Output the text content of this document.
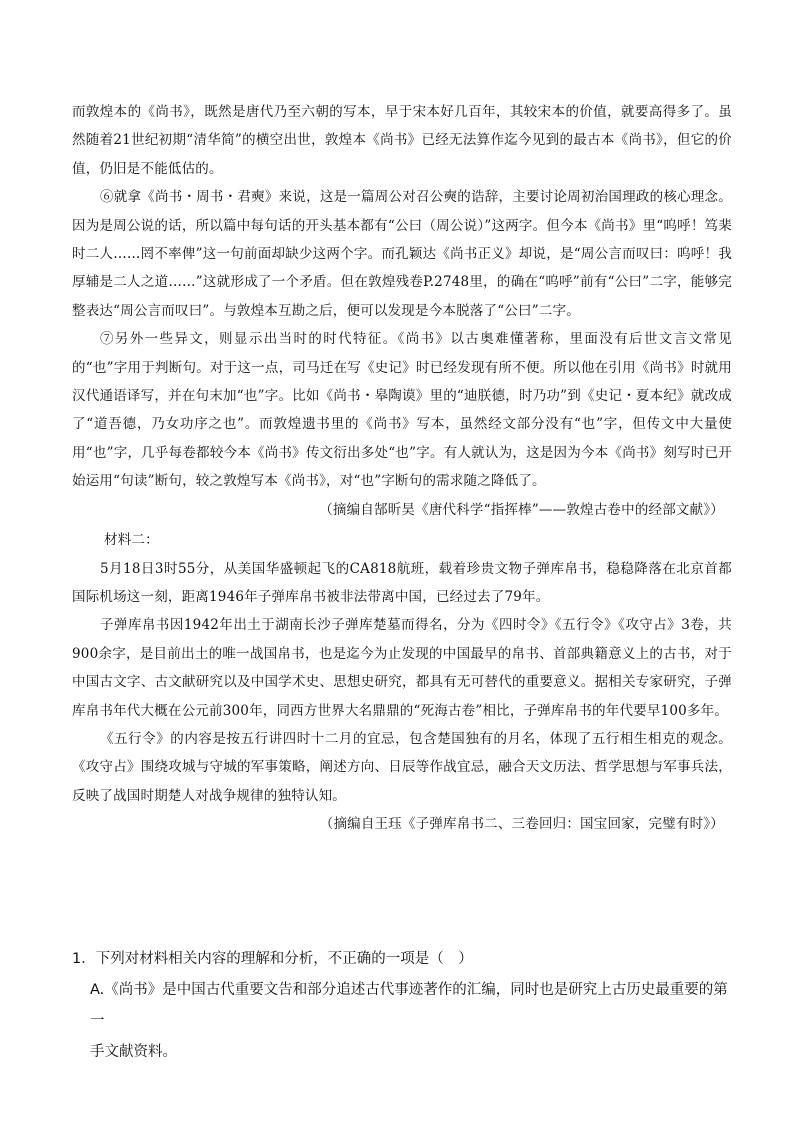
而敦煌本的《尚书》，既然是唐代乃至六朝的写本，早于宋本好几百年，其较宋本的价值，就要高得多了。虽然随着21世纪初期“清华简”的横空出世，敦煌本《尚书》已经无法算作迄今见到的最古本《尚书》，但它的价值，仍旧是不能低估的。

⑥就拿《尚书・周书・君奭》来说，这是一篇周公对召公奭的诰辞，主要讨论周初治国理政的核心理念。因为是周公说的话，所以篇中每句话的开头基本都有“公曰（周公说）”这两字。但今本《尚书》里“呜呼！笃棐时二人……罔不率俾”这一句前面却缺少这两个字。而孔颖达《尚书正义》却说，是“周公言而叹曰：呜呼！我厚辅是二人之道……”这就形成了一个矛盾。但在敦煌残卷P.2748里，的确在“呜呼”前有“公曰”二字，能够完整表达“周公言而叹曰”。与敦煌本互勘之后，便可以发现是今本脱落了“公曰”二字。

⑦另外一些异文，则显示出当时的时代特征。《尚书》以古奥难懂著称，里面没有后世文言文常见的“也”字用于判断句。对于这一点，司马迁在写《史记》时已经发现有所不便。所以他在引用《尚书》时就用汉代通语译写，并在句末加“也”字。比如《尚书・皋陶谟》里的“迪朕德，时乃功”到《史记・夏本纪》就改成了“道吾德，乃女功序之也”。而敦煌遗书里的《尚书》写本，虽然经文部分没有“也”字，但传文中大量使用“也”字，几乎每卷都较今本《尚书》传文衍出多处“也”字。有人就认为，这是因为今本《尚书》刻写时已开始运用“句读”断句，较之敦煌写本《尚书》，对“也”字断句的需求随之降低了。

（摘编自郜昕昊《唐代科学“指挥棒”——敦煌古卷中的经部文献》）

材料二：

5月18日3时55分，从美国华盛顿起飞的CA818航班，载着珍贵文物子弹库帛书，稳稳降落在北京首都国际机场这一刻，距离1946年子弹库帛书被非法带离中国，已经过去了79年。

子弹库帛书因1942年出土于湖南长沙子弹库楚墓而得名，分为《四时令》《五行令》《攻守占》3卷，共900余字，是目前出土的唯一战国帛书，也是迄今为止发现的中国最早的帛书、首部典籍意义上的古书，对于中国古文字、古文献研究以及中国学术史、思想史研究，都具有无可替代的重要意义。据相关专家研究，子弹库帛书年代大概在公元前300年，同西方世界大名鼎鼎的“死海古卷”相比，子弹库帛书的年代要早100多年。

《五行令》的内容是按五行讲四时十二月的宜忌，包含楚国独有的月名，体现了五行相生相克的观念。《攻守占》围绕攻城与守城的军事策略，阐述方向、日辰等作战宜忌，融合天文历法、哲学思想与军事兵法，反映了战国时期楚人对战争规律的独特认知。

（摘编自王珏《子弹库帛书二、三卷回归：国宝回家，完璧有时》）

1．下列对材料相关内容的理解和分析，不正确的一项是（　）

A.《尚书》是中国古代重要文告和部分追述古代事迹著作的汇编，同时也是研究上古历史最重要的第一

手文献资料。
